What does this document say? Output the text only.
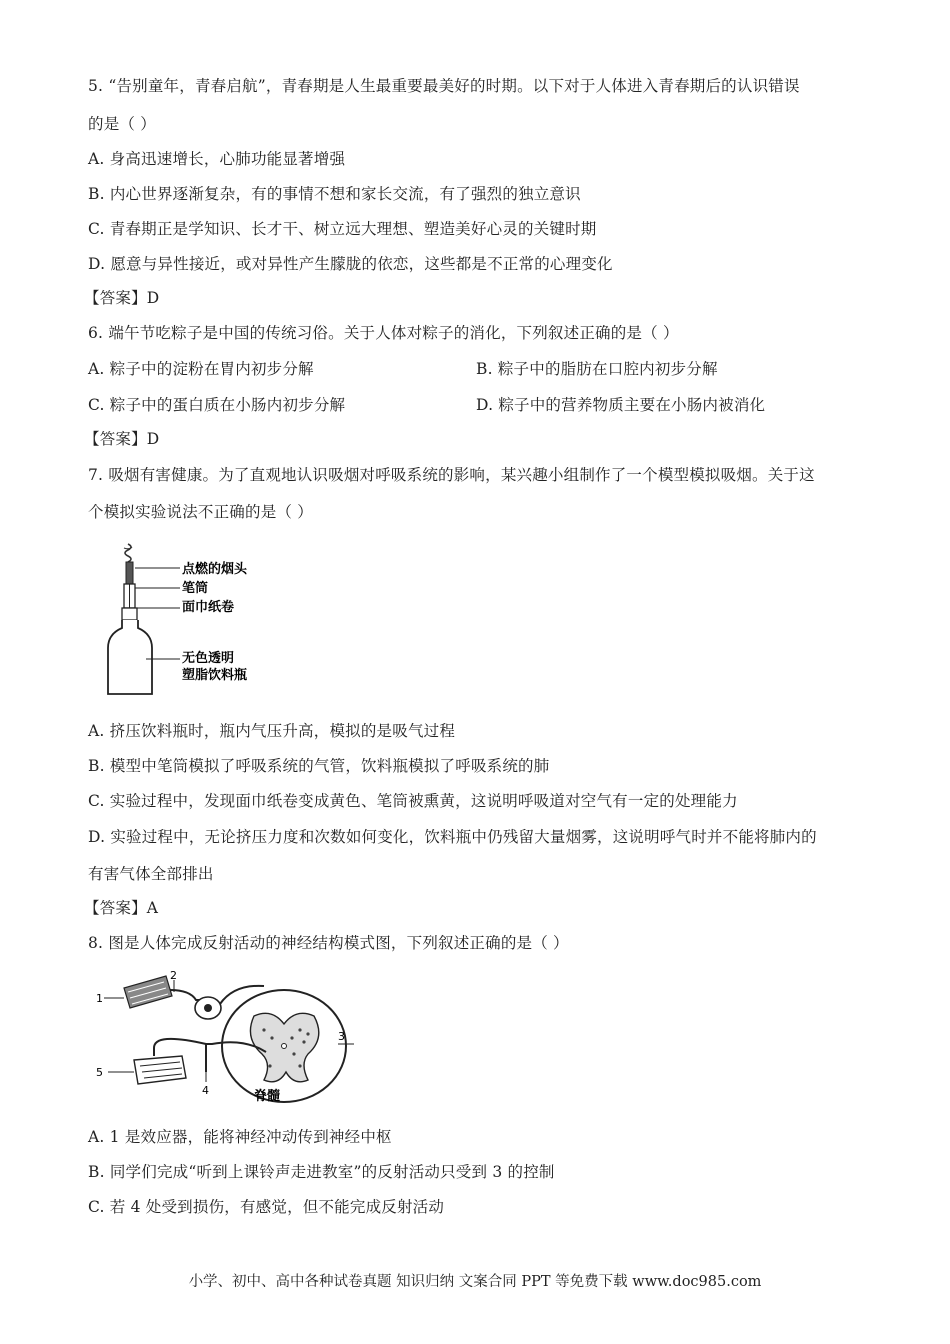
5. “告别童年，青春启航”，青春期是人生最重要最美好的时期。以下对于人体进入青春期后的认识错误
的是（ ）
A. 身高迅速增长，心肺功能显著增强
B. 内心世界逐渐复杂，有的事情不想和家长交流，有了强烈的独立意识
C. 青春期正是学知识、长才干、树立远大理想、塑造美好心灵的关键时期
D. 愿意与异性接近，或对异性产生朦胧的依恋，这些都是不正常的心理变化
【答案】D
6. 端午节吃粽子是中国的传统习俗。关于人体对粽子的消化，下列叙述正确的是（ ）
A. 粽子中的淀粉在胃内初步分解	B. 粽子中的脂肪在口腔内初步分解
C. 粽子中的蛋白质在小肠内初步分解	D. 粽子中的营养物质主要在小肠内被消化
【答案】D
7. 吸烟有害健康。为了直观地认识吸烟对呼吸系统的影响，某兴趣小组制作了一个模型模拟吸烟。关于这
个模拟实验说法不正确的是（ ）
点燃的烟头
笔筒
面巾纸卷
无色透明
塑脂饮料瓶
A. 挤压饮料瓶时，瓶内气压升高，模拟的是吸气过程
B. 模型中笔筒模拟了呼吸系统的气管，饮料瓶模拟了呼吸系统的肺
C. 实验过程中，发现面巾纸卷变成黄色、笔筒被熏黄，这说明呼吸道对空气有一定的处理能力
D. 实验过程中，无论挤压力度和次数如何变化，饮料瓶中仍残留大量烟雾，这说明呼气时并不能将肺内的
有害气体全部排出
【答案】A
8. 图是人体完成反射活动的神经结构模式图，下列叙述正确的是（ ）
1
2
3
4
5
脊髓
A. 1 是效应器，能将神经冲动传到神经中枢
B. 同学们完成“听到上课铃声走进教室”的反射活动只受到 3 的控制
C. 若 4 处受到损伤，有感觉，但不能完成反射活动
小学、初中、高中各种试卷真题 知识归纳 文案合同 PPT 等免费下载 www.doc985.com
